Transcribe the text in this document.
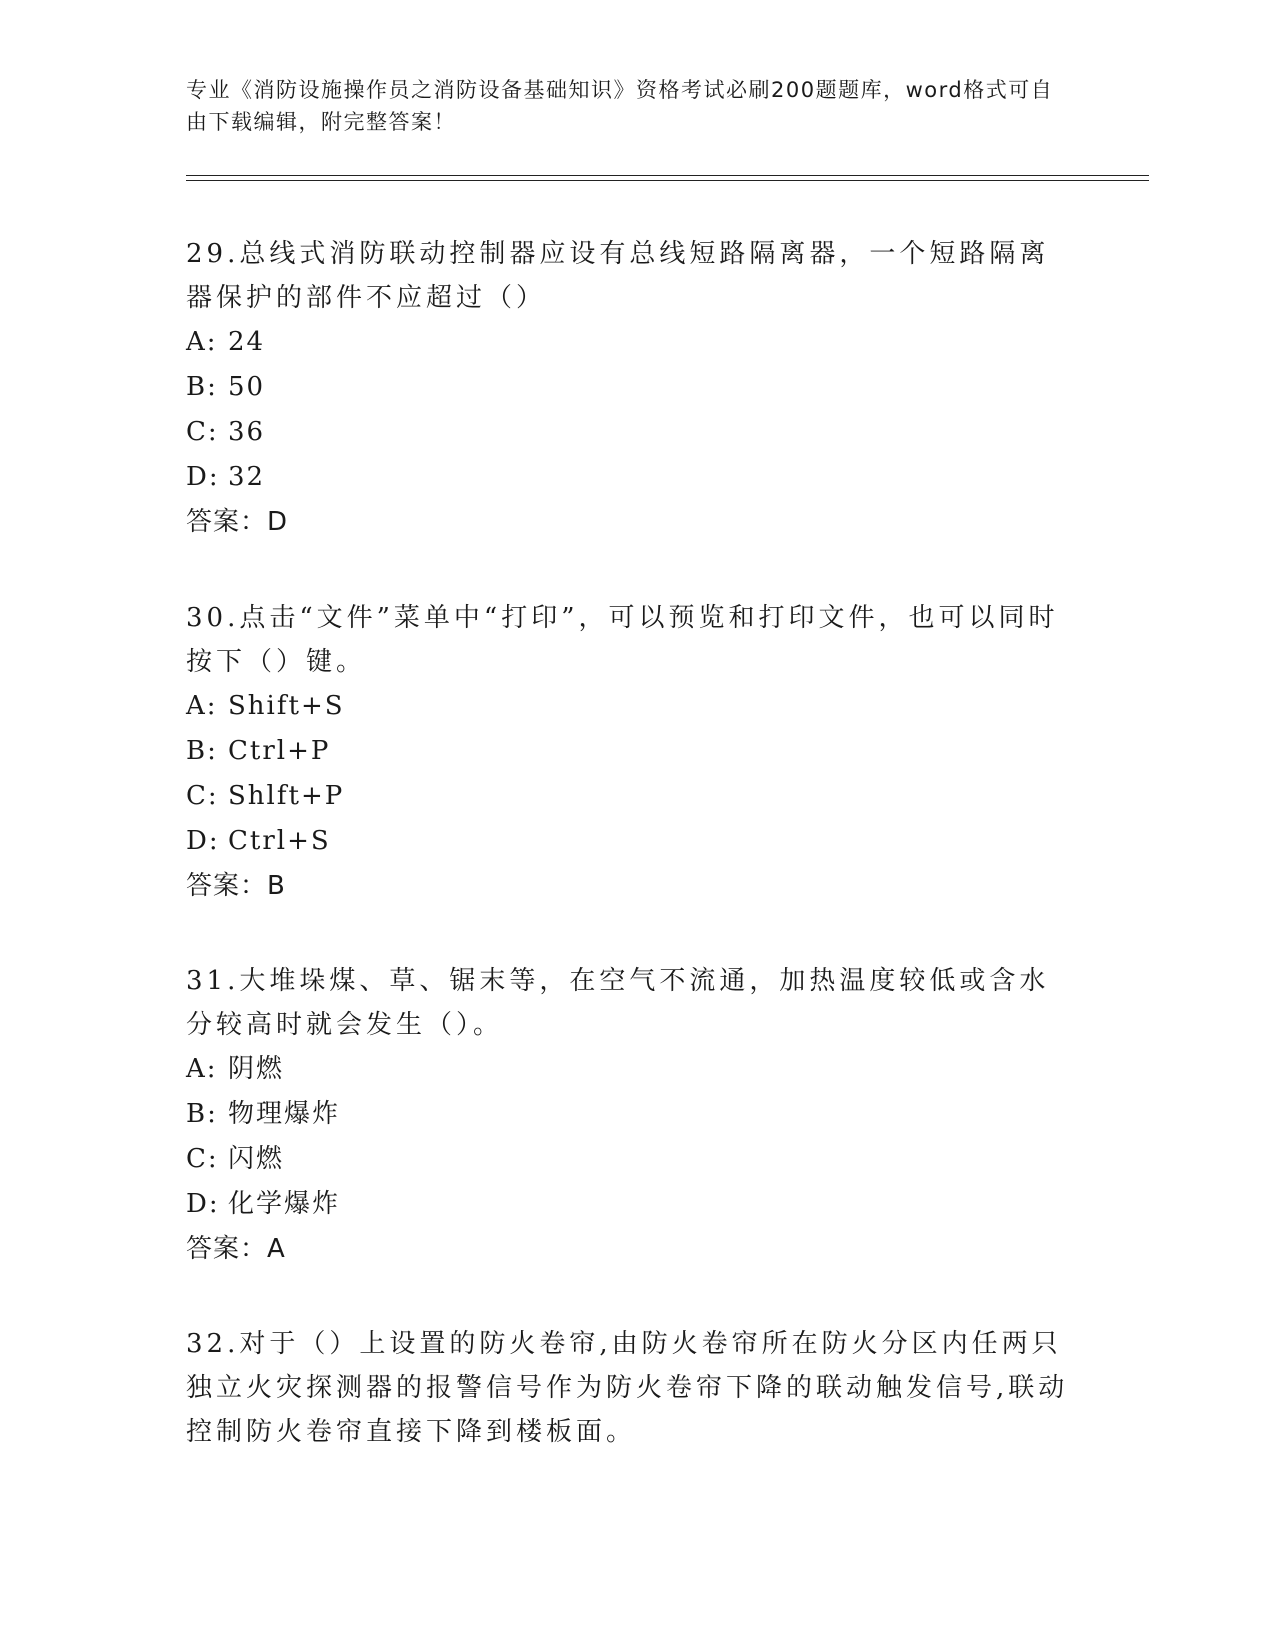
专业《消防设施操作员之消防设备基础知识》资格考试必刷200题题库，word格式可自由下载编辑，附完整答案！

29.总线式消防联动控制器应设有总线短路隔离器，一个短路隔离器保护的部件不应超过（）

A: 24

B: 50

C: 36

D: 32

答案：D

30.点击“文件”菜单中“打印”，可以预览和打印文件，也可以同时按下（）键。

A: Shift+S

B: Ctrl+P

C: Shlft+P

D: Ctrl+S

答案：B

31.大堆垛煤、草、锯末等，在空气不流通，加热温度较低或含水分较高时就会发生（）。

A: 阴燃

B: 物理爆炸

C: 闪燃

D: 化学爆炸

答案：A

32.对于（）上设置的防火卷帘,由防火卷帘所在防火分区内任两只独立火灾探测器的报警信号作为防火卷帘下降的联动触发信号,联动控制防火卷帘直接下降到楼板面。
